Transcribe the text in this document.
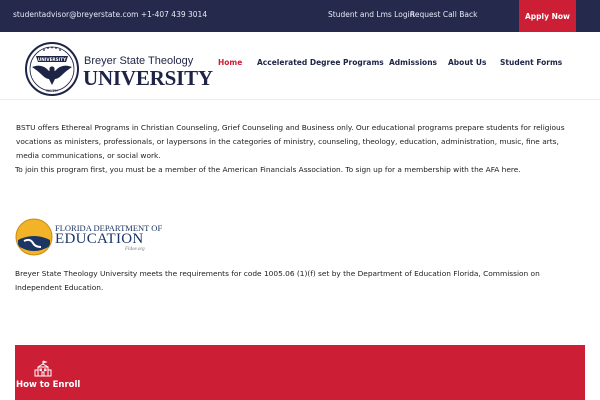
studentadvisor@breyerstate.com +1-407 439 3014	Student and Lms Login
Request Call Back	Apply Now
UNIVERSITY
BSTU
Breyer State Theology
UNIVERSITY
Home Accelerated Degree Programs Admissions About Us Student Forms

BSTU offers Ethereal Programs in Christian Counseling, Grief Counseling and Business only. Our educational programs prepare students for religious vocations as ministers, professionals, or laypersons in the categories of ministry, counseling, theology, education, administration, music, fine arts, media communications, or social work.

To join this program first, you must be a member of the American Financials Association. To sign up for a membership with the AFA here.

FLORIDA DEPARTMENT OF
EDUCATION
Fldoe.org

Breyer State Theology University meets the requirements for code 1005.06 (1)(f) set by the Department of Education Florida, Commission on Independent Education.

How to Enroll
